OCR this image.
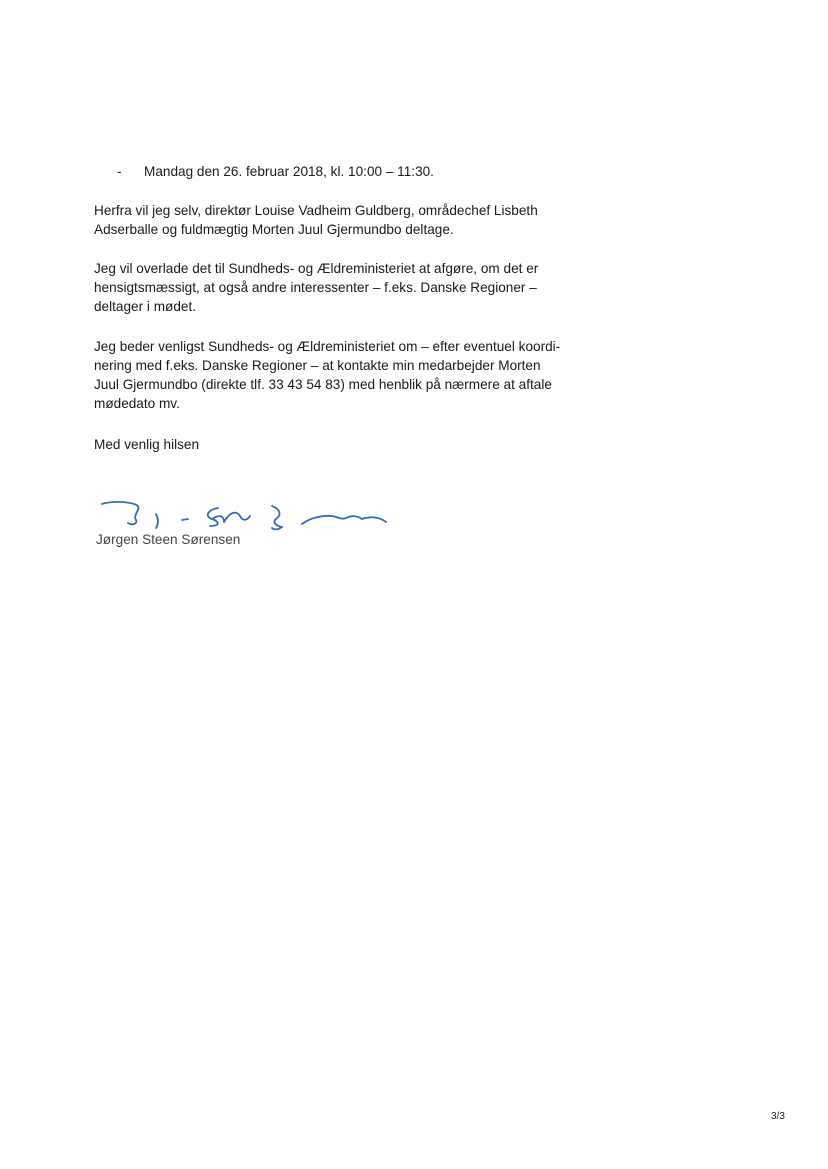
- Mandag den 26. februar 2018, kl. 10:00 – 11:30.

Herfra vil jeg selv, direktør Louise Vadheim Guldberg, områdechef Lisbeth
Adserballe og fuldmægtig Morten Juul Gjermundbo deltage.

Jeg vil overlade det til Sundheds- og Ældreministeriet at afgøre, om det er
hensigtsmæssigt, at også andre interessenter – f.eks. Danske Regioner –
deltager i mødet.

Jeg beder venligst Sundheds- og Ældreministeriet om – efter eventuel koordi-
nering med f.eks. Danske Regioner – at kontakte min medarbejder Morten
Juul Gjermundbo (direkte tlf. 33 43 54 83) med henblik på nærmere at aftale
mødedato mv.

Med venlig hilsen

Jørgen Steen Sørensen
3/3
